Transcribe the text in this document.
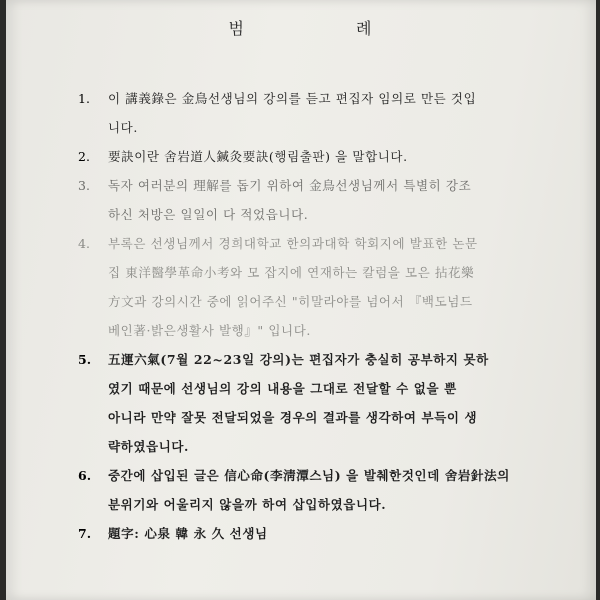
⠀
범	례
1.	이 講義錄은 金鳥선생님의 강의를 듣고 편집자 임의로 만든 것입
니다.
2.	要訣이란 舍岩道人鍼灸要訣(행림출판) 을 말합니다.
3.	독자 여러분의 理解를 돕기 위하여 金鳥선생님께서 특별히 강조
하신 처방은 일일이 다 적었읍니다.
4.	부록은 선생님께서 경희대학교 한의과대학 학회지에 발표한 논문
집 東洋醫學革命小考와 모 잡지에 연재하는 칼럼을 모은 拈花樂
方文과 강의시간 중에 읽어주신 "히말라야를 넘어서 『백도넘드
베인著·밝은생활사 발행』" 입니다.
5.	五運六氣(7월 22~23일 강의)는 편집자가 충실히 공부하지 못하
였기 때문에 선생님의 강의 내용을 그대로 전달할 수 없을 뿐
아니라 만약 잘못 전달되었을 경우의 결과를 생각하여 부득이 생
략하였읍니다.
6.	중간에 삽입된 글은 信心命(李淸潭스님) 을 발췌한것인데 舍岩針法의
분위기와 어울리지 않을까 하여 삽입하였읍니다.
7.	題字: 心泉 韓 永 久 선생님
